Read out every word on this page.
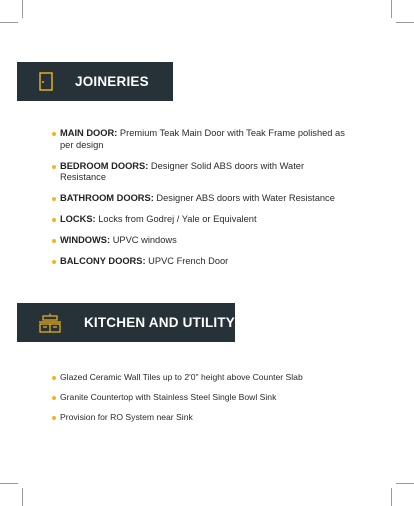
JOINERIES
MAIN DOOR: Premium Teak Main Door with Teak Frame polished as per design
BEDROOM DOORS: Designer Solid ABS doors with Water Resistance
BATHROOM DOORS: Designer ABS doors with Water Resistance
LOCKS: Locks from Godrej / Yale or Equivalent
WINDOWS: UPVC windows
BALCONY DOORS: UPVC French Door
KITCHEN AND UTILITY
Glazed Ceramic Wall Tiles up to 2'0" height above Counter Slab
Granite Countertop with Stainless Steel Single Bowl Sink
Provision for RO System near Sink
